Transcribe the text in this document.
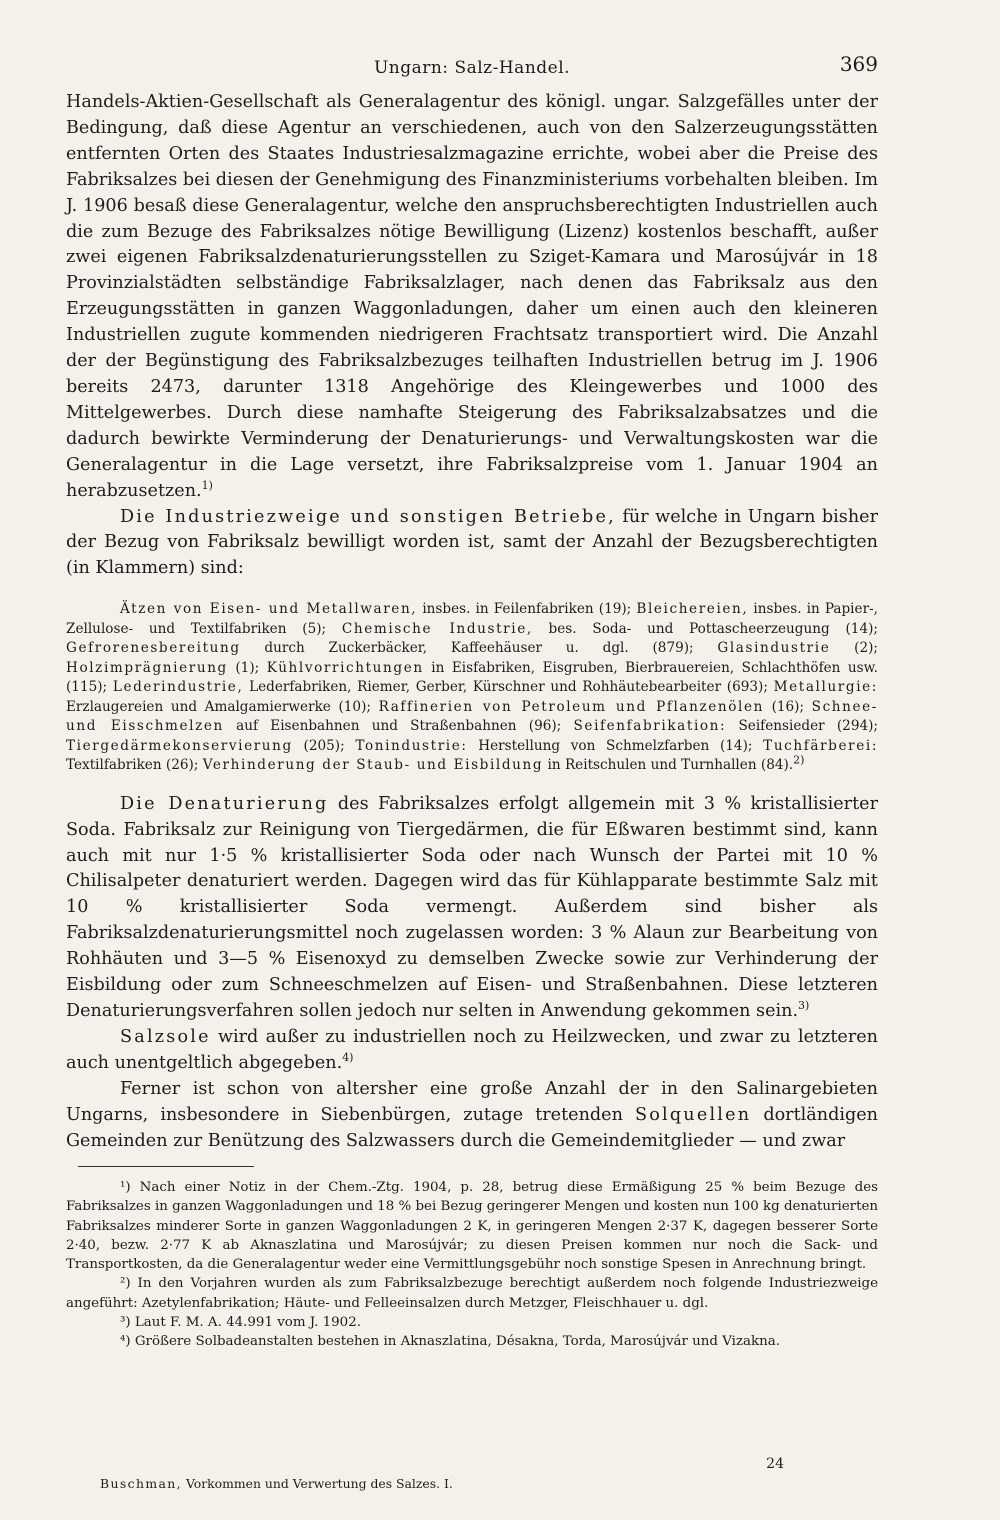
Ungarn: Salz-Handel.	369

Handels-Aktien-Gesellschaft als Generalagentur des königl. ungar. Salzgefälles unter der Bedingung, daß diese Agentur an verschiedenen, auch von den Salzerzeugungsstätten entfernten Orten des Staates Industriesalzmagazine errichte, wobei aber die Preise des Fabriksalzes bei diesen der Genehmigung des Finanzministeriums vorbehalten bleiben. Im J. 1906 besaß diese Generalagentur, welche den anspruchsberechtigten Industriellen auch die zum Bezuge des Fabriksalzes nötige Bewilligung (Lizenz) kostenlos beschafft, außer zwei eigenen Fabriksalzdenaturierungsstellen zu Sziget-Kamara und Marosújvár in 18 Provinzialstädten selbständige Fabriksalzlager, nach denen das Fabriksalz aus den Erzeugungsstätten in ganzen Waggonladungen, daher um einen auch den kleineren Industriellen zugute kommenden niedrigeren Frachtsatz transportiert wird. Die Anzahl der der Begünstigung des Fabriksalzbezuges teilhaften Industriellen betrug im J. 1906 bereits 2473, darunter 1318 Angehörige des Kleingewerbes und 1000 des Mittelgewerbes. Durch diese namhafte Steigerung des Fabriksalzabsatzes und die dadurch bewirkte Verminderung der Denaturierungs- und Verwaltungskosten war die Generalagentur in die Lage versetzt, ihre Fabriksalzpreise vom 1. Januar 1904 an herabzusetzen.$^{1)}$

Die Industriezweige und sonstigen Betriebe, für welche in Ungarn bisher der Bezug von Fabriksalz bewilligt worden ist, samt der Anzahl der Bezugsberechtigten (in Klammern) sind:

Ätzen von Eisen- und Metallwaren, insbes. in Feilenfabriken (19); Bleichereien, insbes. in Papier-, Zellulose- und Textilfabriken (5); Chemische Industrie, bes. Soda- und Pottascheerzeugung (14); Gefrorenesbereitung durch Zuckerbäcker, Kaffeehäuser u. dgl. (879); Glasindustrie (2); Holzimprägnierung (1); Kühlvorrichtungen in Eisfabriken, Eisgruben, Bierbrauereien, Schlachthöfen usw. (115); Lederindustrie, Lederfabriken, Riemer, Gerber, Kürschner und Rohhäutebearbeiter (693); Metallurgie: Erzlaugereien und Amalgamierwerke (10); Raffinerien von Petroleum und Pflanzenölen (16); Schnee- und Eisschmelzen auf Eisenbahnen und Straßenbahnen (96); Seifenfabrikation: Seifensieder (294); Tiergedärmekonservierung (205); Tonindustrie: Herstellung von Schmelzfarben (14); Tuchfärberei: Textilfabriken (26); Verhinderung der Staub- und Eisbildung in Reitschulen und Turnhallen (84).$^{2)}$

Die Denaturierung des Fabriksalzes erfolgt allgemein mit 3 % kristallisierter Soda. Fabriksalz zur Reinigung von Tiergedärmen, die für Eßwaren bestimmt sind, kann auch mit nur 1·5 % kristallisierter Soda oder nach Wunsch der Partei mit 10 % Chilisalpeter denaturiert werden. Dagegen wird das für Kühlapparate bestimmte Salz mit 10 % kristallisierter Soda vermengt. Außerdem sind bisher als Fabriksalzdenaturierungsmittel noch zugelassen worden: 3 % Alaun zur Bearbeitung von Rohhäuten und 3—5 % Eisenoxyd zu demselben Zwecke sowie zur Verhinderung der Eisbildung oder zum Schneeschmelzen auf Eisen- und Straßenbahnen. Diese letzteren Denaturierungsverfahren sollen jedoch nur selten in Anwendung gekommen sein.$^{3)}$

Salzsole wird außer zu industriellen noch zu Heilzwecken, und zwar zu letzteren auch unentgeltlich abgegeben.$^{4)}$

Ferner ist schon von altersher eine große Anzahl der in den Salinargebieten Ungarns, insbesondere in Siebenbürgen, zutage tretenden Solquellen dortländigen Gemeinden zur Benützung des Salzwassers durch die Gemeindemitglieder — und zwar

¹) Nach einer Notiz in der Chem.-Ztg. 1904, p. 28, betrug diese Ermäßigung 25 % beim Bezuge des Fabriksalzes in ganzen Waggonladungen und 18 % bei Bezug geringerer Mengen und kosten nun 100 kg denaturierten Fabriksalzes minderer Sorte in ganzen Waggonladungen 2 K, in geringeren Mengen 2·37 K, dagegen besserer Sorte 2·40, bezw. 2·77 K ab Aknaszlatina und Marosújvár; zu diesen Preisen kommen nur noch die Sack- und Transportkosten, da die Generalagentur weder eine Vermittlungsgebühr noch sonstige Spesen in Anrechnung bringt.

²) In den Vorjahren wurden als zum Fabriksalzbezuge berechtigt außerdem noch folgende Industriezweige angeführt: Azetylenfabrikation; Häute- und Felleeinsalzen durch Metzger, Fleischhauer u. dgl.

³) Laut F. M. A. 44.991 vom J. 1902.

⁴) Größere Solbadeanstalten bestehen in Aknaszlatina, Désakna, Torda, Marosújvár und Vizakna.

Buschman, Vorkommen und Verwertung des Salzes. I.
24
